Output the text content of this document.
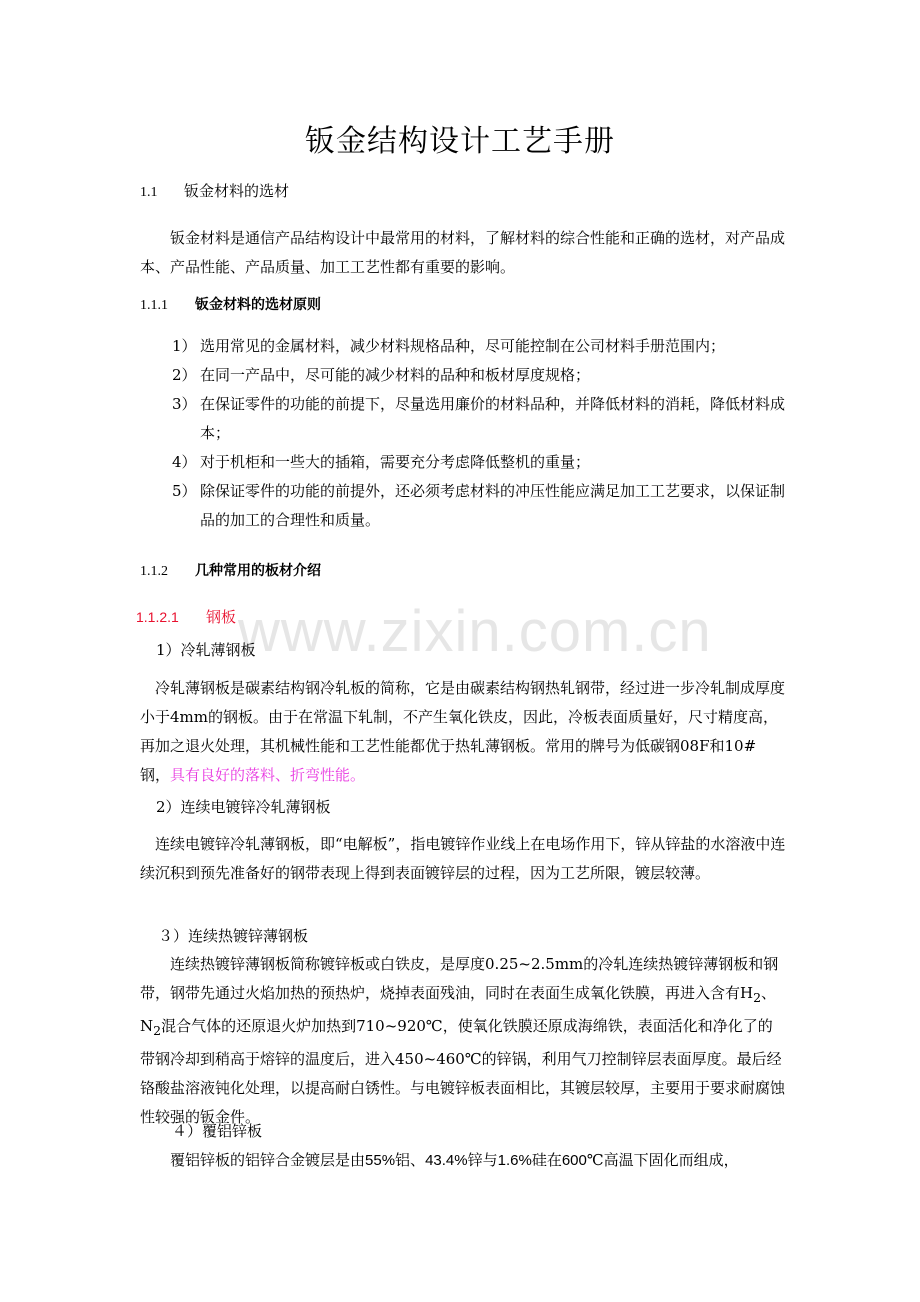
www.zixin.com.cn
钣金结构设计工艺手册
1.1 钣金材料的选材

钣金材料是通信产品结构设计中最常用的材料，了解材料的综合性能和正确的选材，对产品成本、产品性能、产品质量、加工工艺性都有重要的影响。

1.1.1 钣金材料的选材原则
1） 选用常见的金属材料，减少材料规格品种，尽可能控制在公司材料手册范围内；
2） 在同一产品中，尽可能的减少材料的品种和板材厚度规格；
3） 在保证零件的功能的前提下，尽量选用廉价的材料品种，并降低材料的消耗，降低材料成本；
4） 对于机柜和一些大的插箱，需要充分考虑降低整机的重量；
5） 除保证零件的功能的前提外，还必须考虑材料的冲压性能应满足加工工艺要求，以保证制品的加工的合理性和质量。
1.1.2 几种常用的板材介绍
1.1.2.1 钢板
1）冷轧薄钢板

冷轧薄钢板是碳素结构钢冷轧板的简称，它是由碳素结构钢热轧钢带，经过进一步冷轧制成厚度小于4mm的钢板。由于在常温下轧制，不产生氧化铁皮，因此，冷板表面质量好，尺寸精度高，再加之退火处理，其机械性能和工艺性能都优于热轧薄钢板。常用的牌号为低碳钢08F和10#钢，具有良好的落料、折弯性能。

2）连续电镀锌冷轧薄钢板

连续电镀锌冷轧薄钢板，即“电解板”，指电镀锌作业线上在电场作用下，锌从锌盐的水溶液中连续沉积到预先准备好的钢带表现上得到表面镀锌层的过程，因为工艺所限，镀层较薄。

３）连续热镀锌薄钢板

连续热镀锌薄钢板简称镀锌板或白铁皮，是厚度0.25~2.5mm的冷轧连续热镀锌薄钢板和钢带，钢带先通过火焰加热的预热炉，烧掉表面残油，同时在表面生成氧化铁膜，再进入含有$H_2$、$N_2$混合气体的还原退火炉加热到710~920℃，使氧化铁膜还原成海绵铁，表面活化和净化了的带钢冷却到稍高于熔锌的温度后，进入450~460℃的锌锅，利用气刀控制锌层表面厚度。最后经铬酸盐溶液钝化处理，以提高耐白锈性。与电镀锌板表面相比，其镀层较厚，主要用于要求耐腐蚀性较强的钣金件。

４）覆铝锌板

覆铝锌板的铝锌合金镀层是由55%铝、43.4%锌与1.6%硅在600℃高温下固化而组成，
